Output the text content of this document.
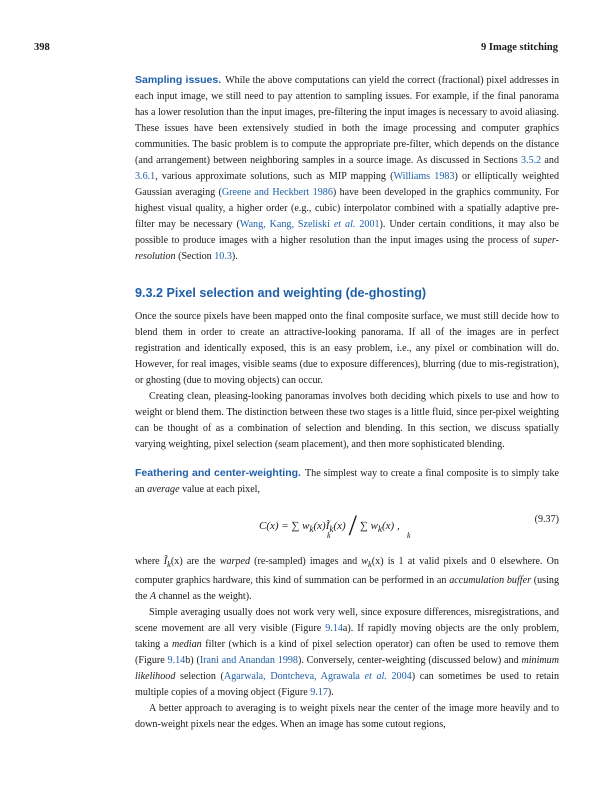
398	9 Image stitching

Sampling issues. While the above computations can yield the correct (fractional) pixel addresses in each input image, we still need to pay attention to sampling issues. For example, if the final panorama has a lower resolution than the input images, pre-filtering the input images is necessary to avoid aliasing. These issues have been extensively studied in both the image processing and computer graphics communities. The basic problem is to compute the appropriate pre-filter, which depends on the distance (and arrangement) between neighboring samples in a source image. As discussed in Sections 3.5.2 and 3.6.1, various approximate solutions, such as MIP mapping (Williams 1983) or elliptically weighted Gaussian averaging (Greene and Heckbert 1986) have been developed in the graphics community. For highest visual quality, a higher order (e.g., cubic) interpolator combined with a spatially adaptive pre-filter may be necessary (Wang, Kang, Szeliski et al. 2001). Under certain conditions, it may also be possible to produce images with a higher resolution than the input images using the process of super-resolution (Section 10.3).

9.3.2 Pixel selection and weighting (de-ghosting)

Once the source pixels have been mapped onto the final composite surface, we must still decide how to blend them in order to create an attractive-looking panorama. If all of the images are in perfect registration and identically exposed, this is an easy problem, i.e., any pixel or combination will do. However, for real images, visible seams (due to exposure differences), blurring (due to mis-registration), or ghosting (due to moving objects) can occur.

Creating clean, pleasing-looking panoramas involves both deciding which pixels to use and how to weight or blend them. The distinction between these two stages is a little fluid, since per-pixel weighting can be thought of as a combination of selection and blending. In this section, we discuss spatially varying weighting, pixel selection (seam placement), and then more sophisticated blending.

Feathering and center-weighting. The simplest way to create a final composite is to simply take an average value at each pixel,

C(x) = ∑ $w_k(x)Ĩ_k(x)$ / ∑ $w_k(x)$ ,
k	k
(9.37)

where $Ĩ_k(x)$ are the warped (re-sampled) images and $w_k(x)$ is 1 at valid pixels and 0 elsewhere. On computer graphics hardware, this kind of summation can be performed in an accumulation buffer (using the A channel as the weight).

Simple averaging usually does not work very well, since exposure differences, misregistrations, and scene movement are all very visible (Figure 9.14a). If rapidly moving objects are the only problem, taking a median filter (which is a kind of pixel selection operator) can often be used to remove them (Figure 9.14b) (Irani and Anandan 1998). Conversely, center-weighting (discussed below) and minimum likelihood selection (Agarwala, Dontcheva, Agrawala et al. 2004) can sometimes be used to retain multiple copies of a moving object (Figure 9.17).

A better approach to averaging is to weight pixels near the center of the image more heavily and to down-weight pixels near the edges. When an image has some cutout regions,
